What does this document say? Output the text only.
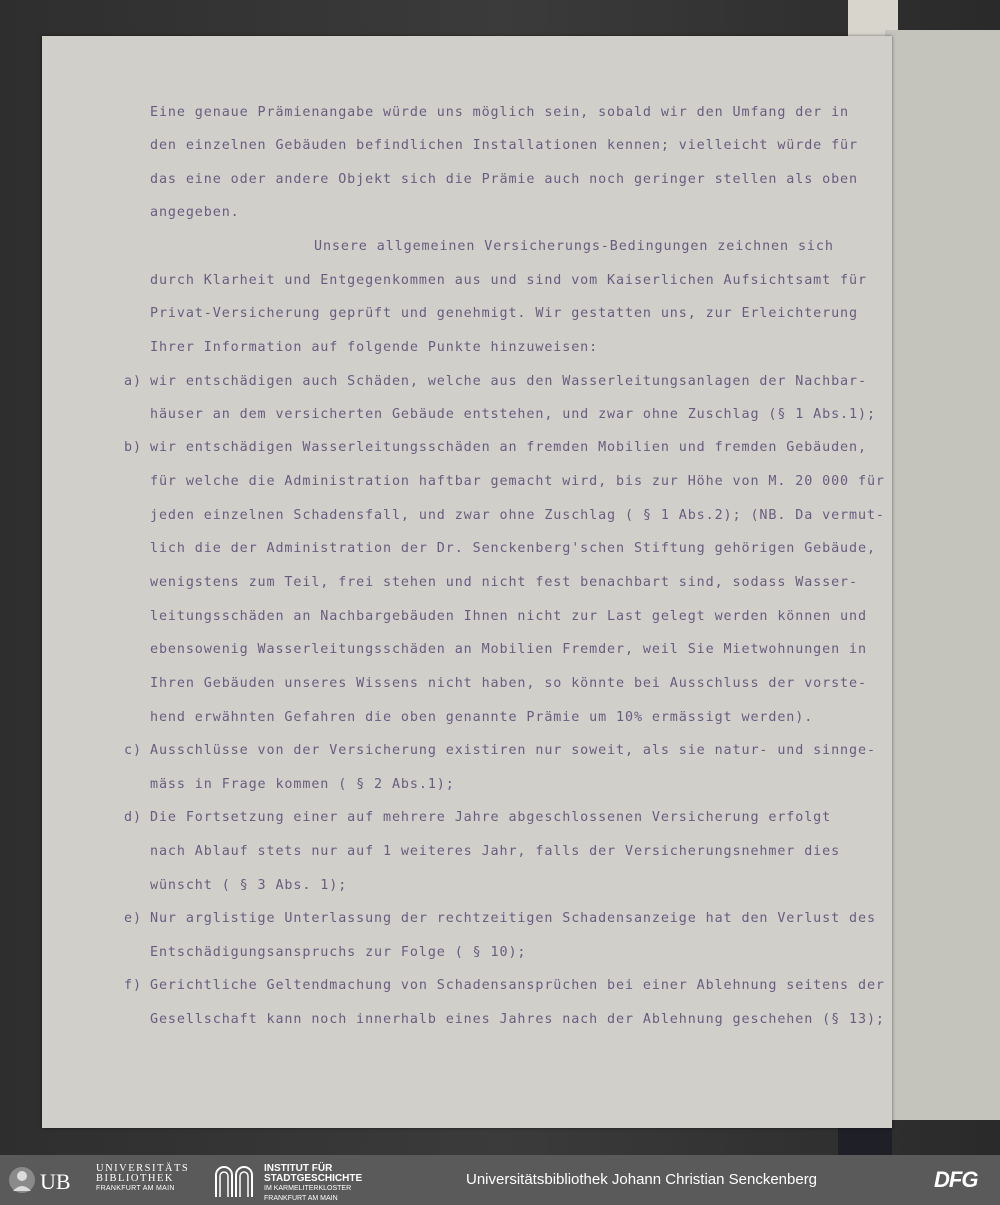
a)
b)
c)
d)
e)
f)
Eine genaue Prämienangabe würde uns möglich sein, sobald wir den Umfang der in
den einzelnen Gebäuden befindlichen Installationen kennen; vielleicht würde für
das eine oder andere Objekt sich die Prämie auch noch geringer stellen als oben
angegeben.
Unsere allgemeinen Versicherungs-Bedingungen zeichnen sich
durch Klarheit und Entgegenkommen aus und sind vom Kaiserlichen Aufsichtsamt für
Privat-Versicherung geprüft und genehmigt. Wir gestatten uns, zur Erleichterung
Ihrer Information auf folgende Punkte hinzuweisen:
wir entschädigen auch Schäden, welche aus den Wasserleitungsanlagen der Nachbar-
häuser an dem versicherten Gebäude entstehen, und zwar ohne Zuschlag (§ 1 Abs.1);
wir entschädigen Wasserleitungsschäden an fremden Mobilien und fremden Gebäuden,
für welche die Administration haftbar gemacht wird, bis zur Höhe von M. 20 000 für
jeden einzelnen Schadensfall, und zwar ohne Zuschlag ( § 1 Abs.2); (NB. Da vermut-
lich die der Administration der Dr. Senckenberg'schen Stiftung gehörigen Gebäude,
wenigstens zum Teil, frei stehen und nicht fest benachbart sind, sodass Wasser-
leitungsschäden an Nachbargebäuden Ihnen nicht zur Last gelegt werden können und
ebensowenig Wasserleitungsschäden an Mobilien Fremder, weil Sie Mietwohnungen in
Ihren Gebäuden unseres Wissens nicht haben, so könnte bei Ausschluss der vorste-
hend erwähnten Gefahren die oben genannte Prämie um 10% ermässigt werden).
Ausschlüsse von der Versicherung existiren nur soweit, als sie natur- und sinnge-
mäss in Frage kommen ( § 2 Abs.1);
Die Fortsetzung einer auf mehrere Jahre abgeschlossenen Versicherung erfolgt
nach Ablauf stets nur auf 1 weiteres Jahr, falls der Versicherungsnehmer dies
wünscht ( § 3 Abs. 1);
Nur arglistige Unterlassung der rechtzeitigen Schadensanzeige hat den Verlust des
Entschädigungsanspruchs zur Folge ( § 10);
Gerichtliche Geltendmachung von Schadensansprüchen bei einer Ablehnung seitens der
Gesellschaft kann noch innerhalb eines Jahres nach der Ablehnung geschehen (§ 13);
UB
UNIVERSITÄTS
BIBLIOTHEK
FRANKFURT AM MAIN
INSTITUT FÜR
STADTGESCHICHTE
IM KARMELITERKLOSTER
FRANKFURT AM MAIN
Universitätsbibliothek Johann Christian Senckenberg	DFG
